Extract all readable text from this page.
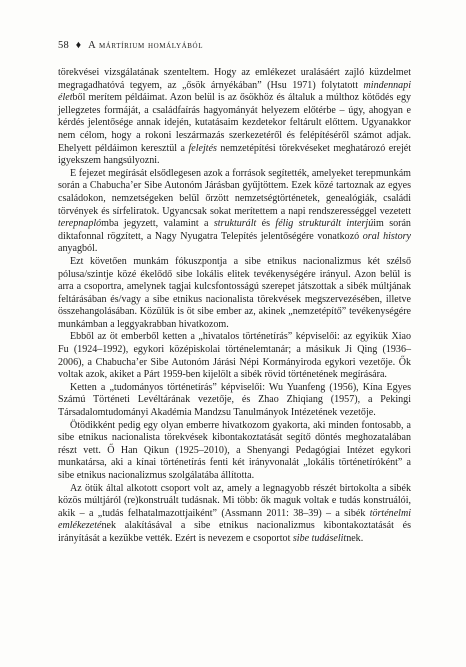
58 ♦ A mártírium homályából

törekvései vizsgálatának szenteltem. Hogy az emlékezet uralásáért zajló küzdelmet megragadhatóvá tegyem, az „ősök árnyékában” (Hsu 1971) folytatott mindennapi életből merítem példáimat. Azon belül is az ősökhöz és általuk a múlthoz kötődés egy jellegzetes formáját, a családfaírás hagyományát helyezem előtérbe – úgy, ahogyan e kérdés jelentősége annak idején, kutatásaim kezdetekor feltárult előttem. Ugyanakkor nem célom, hogy a rokoni leszármazás szerkezetéről és felépítéséről számot adjak. Ehelyett példáimon keresztül a felejtés nemzetépítési törekvéseket meghatározó erejét igyekszem hangsúlyozni.

E fejezet megírását elsődlegesen azok a források segítették, amelyeket terepmunkám során a Chabucha’er Sibe Autonóm Járásban gyűjtöttem. Ezek közé tartoznak az egyes családokon, nemzetségeken belül őrzött nemzetségtörténetek, genealógiák, családi törvények és sírfeliratok. Ugyancsak sokat merítettem a napi rendszerességgel vezetett terepnaplómba jegyzett, valamint a strukturált és félig strukturált interjúim során diktafonnal rögzített, a Nagy Nyugatra Telepítés jelentőségére vonatkozó oral history anyagból.

Ezt követően munkám fókuszpontja a sibe etnikus nacionalizmus két szélső pólusa/szintje közé ékelődő sibe lokális elitek tevékenységére irányul. Azon belül is arra a csoportra, amelynek tagjai kulcsfontosságú szerepet játszottak a sibék múltjának feltárásában és/vagy a sibe etnikus nacionalista törekvések megszervezésében, illetve összehangolásában. Közülük is öt sibe ember az, akinek „nemzetépítő” tevékenységére munkámban a leggyakrabban hivatkozom.

Ebből az öt emberből ketten a „hivatalos történetírás” képviselői: az egyikük Xiao Fu (1924–1992), egykori középiskolai történelemtanár; a másikuk Ji Qing (1936–2006), a Chabucha’er Sibe Autonóm Járási Népi Kormányiroda egykori vezetője. Ők voltak azok, akiket a Párt 1959-ben kijelölt a sibék rövid történetének megírására.

Ketten a „tudományos történetírás” képviselői: Wu Yuanfeng (1956), Kína Egyes Számú Történeti Levéltárának vezetője, és Zhao Zhiqiang (1957), a Pekingi Társadalomtudományi Akadémia Mandzsu Tanulmányok Intézetének vezetője.

Ötödikként pedig egy olyan emberre hivatkozom gyakorta, aki minden fontosabb, a sibe etnikus nacionalista törekvések kibontakoztatását segítő döntés meghozatalában részt vett. Ő Han Qikun (1925–2010), a Shenyangi Pedagógiai Intézet egykori munkatársa, aki a kínai történetírás fenti két irányvonalát „lokális történetíróként” a sibe etnikus nacionalizmus szolgálatába állította.

Az ötük által alkotott csoport volt az, amely a legnagyobb részét birtokolta a sibék közös múltjáról (re)konstruált tudásnak. Mi több: ők maguk voltak e tudás konstruálói, akik – a „tudás felhatalmazottjaiként” (Assmann 2011: 38–39) – a sibék történelmi emlékezetének alakításával a sibe etnikus nacionalizmus kibontakoztatását és irányítását a kezükbe vették. Ezért is nevezem e csoportot sibe tudáselitnek.
